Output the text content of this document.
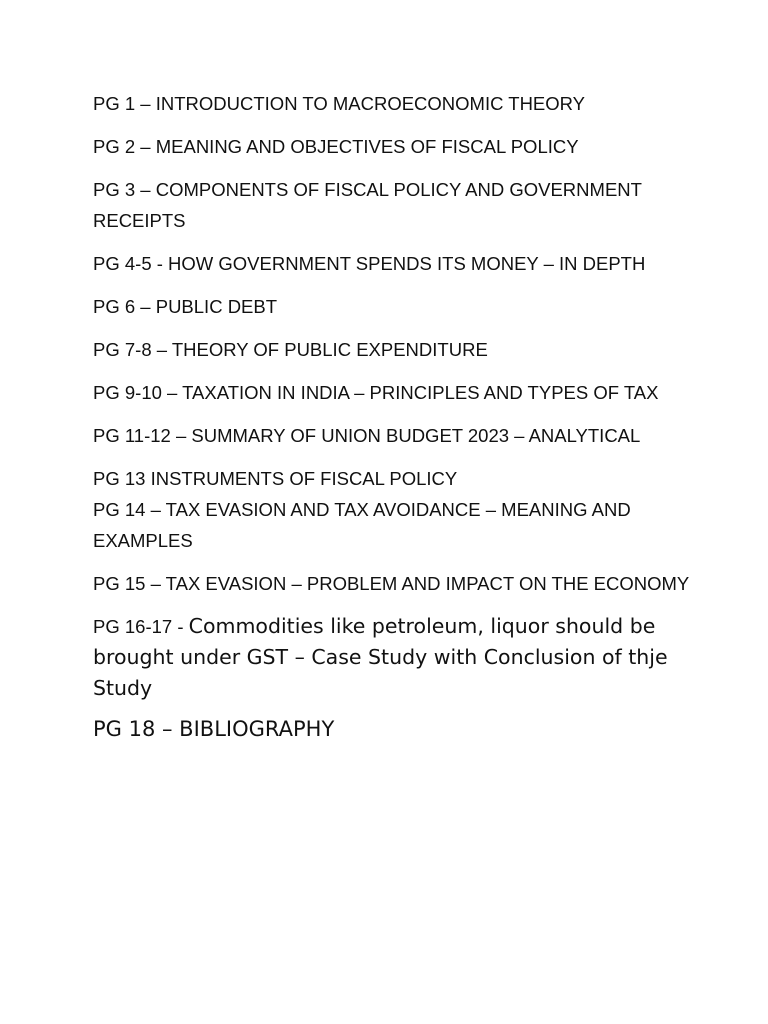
PG 1 – INTRODUCTION TO MACROECONOMIC THEORY

PG 2 – MEANING AND OBJECTIVES OF FISCAL POLICY

PG 3 – COMPONENTS OF FISCAL POLICY AND GOVERNMENT RECEIPTS

PG 4-5 - HOW GOVERNMENT SPENDS ITS MONEY – IN DEPTH

PG 6 – PUBLIC DEBT

PG 7-8 – THEORY OF PUBLIC EXPENDITURE

PG 9-10 – TAXATION IN INDIA – PRINCIPLES AND TYPES OF TAX

PG 11-12 – SUMMARY OF UNION BUDGET 2023 – ANALYTICAL

PG 13 INSTRUMENTS OF FISCAL POLICY

PG 14 – TAX EVASION AND TAX AVOIDANCE – MEANING AND EXAMPLES

PG 15 – TAX EVASION – PROBLEM AND IMPACT ON THE ECONOMY

PG 16-17 - Commodities like petroleum, liquor should be brought under GST – Case Study with Conclusion of thje Study

PG 18 – BIBLIOGRAPHY
